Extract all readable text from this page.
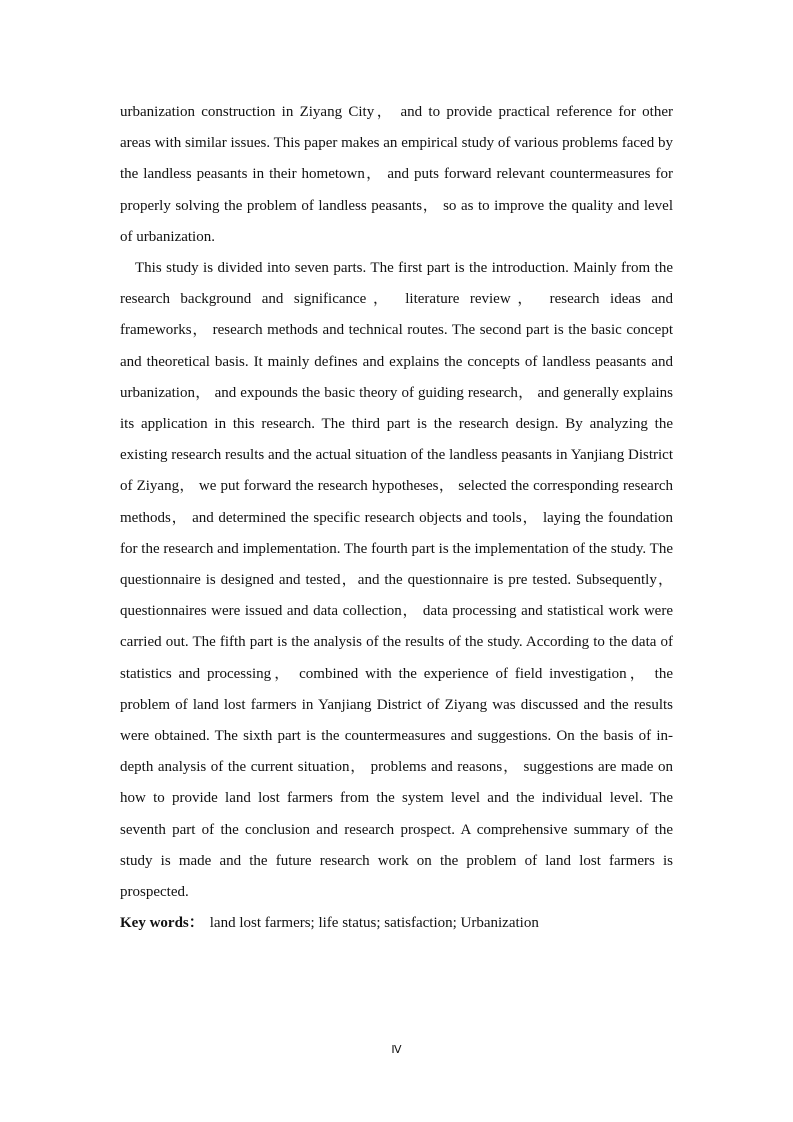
urbanization construction in Ziyang City， and to provide practical reference for other areas with similar issues. This paper makes an empirical study of various problems faced by the landless peasants in their hometown， and puts forward relevant countermeasures for properly solving the problem of landless peasants， so as to improve the quality and level of urbanization.

This study is divided into seven parts. The first part is the introduction. Mainly from the research background and significance， literature review， research ideas and frameworks， research methods and technical routes. The second part is the basic concept and theoretical basis. It mainly defines and explains the concepts of landless peasants and urbanization， and expounds the basic theory of guiding research， and generally explains its application in this research. The third part is the research design. By analyzing the existing research results and the actual situation of the landless peasants in Yanjiang District of Ziyang， we put forward the research hypotheses， selected the corresponding research methods， and determined the specific research objects and tools， laying the foundation for the research and implementation. The fourth part is the implementation of the study. The questionnaire is designed and tested，and the questionnaire is pre tested. Subsequently，questionnaires were issued and data collection， data processing and statistical work were carried out. The fifth part is the analysis of the results of the study. According to the data of statistics and processing， combined with the experience of field investigation， the problem of land lost farmers in Yanjiang District of Ziyang was discussed and the results were obtained. The sixth part is the countermeasures and suggestions. On the basis of in-depth analysis of the current situation， problems and reasons， suggestions are made on how to provide land lost farmers from the system level and the individual level. The seventh part of the conclusion and research prospect. A comprehensive summary of the study is made and the future research work on the problem of land lost farmers is prospected.

Key words： land lost farmers; life status; satisfaction; Urbanization

Ⅳ
